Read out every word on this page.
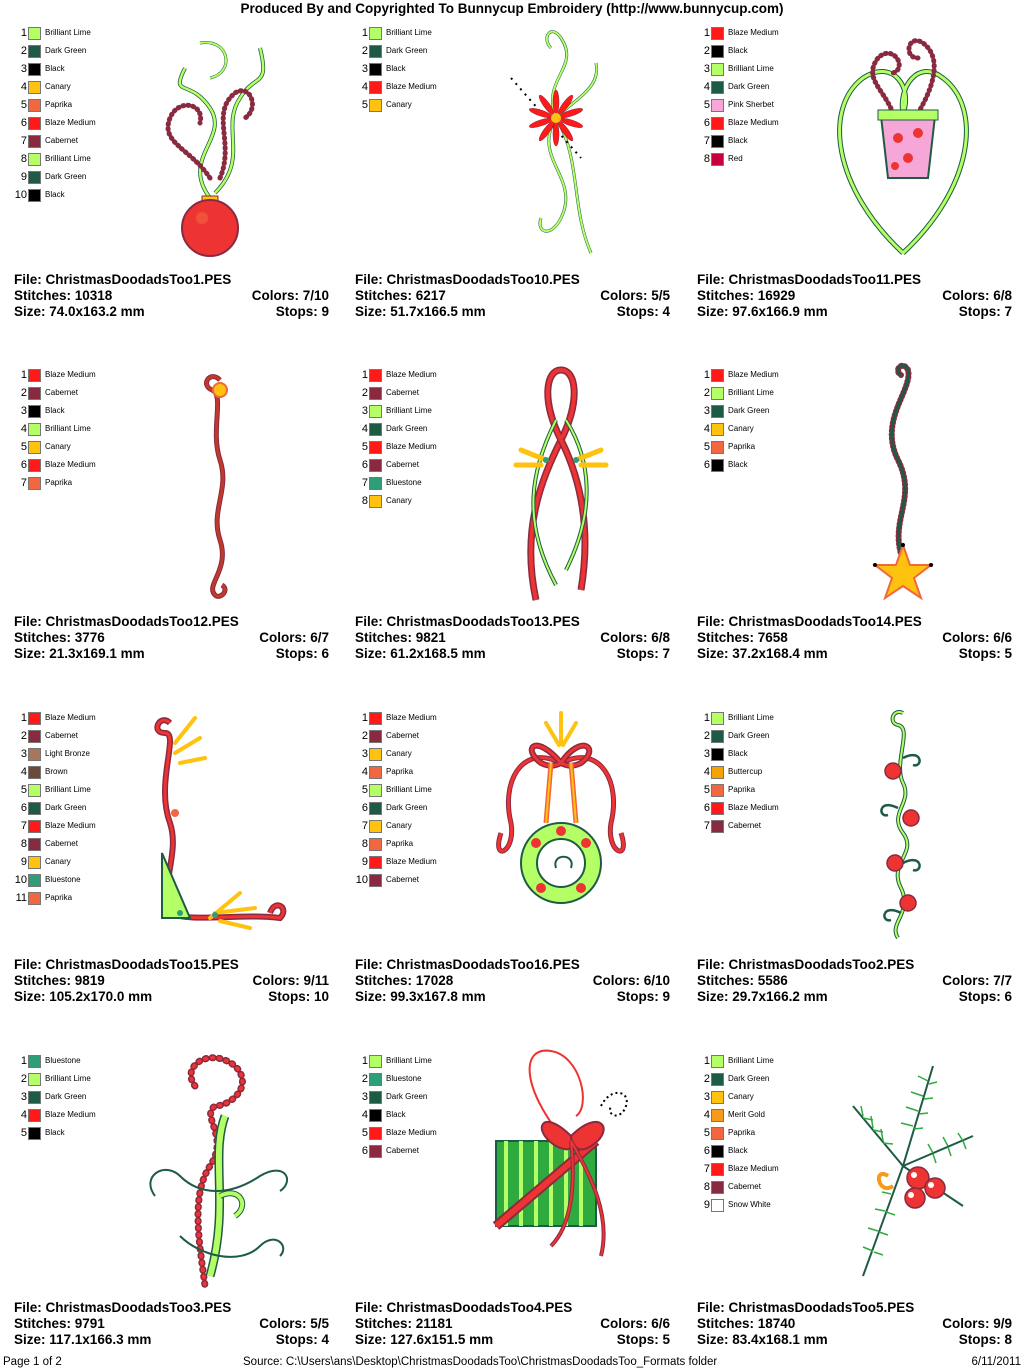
Produced By and Copyrighted To Bunnycup Embroidery (http://www.bunnycup.com)
1 Brilliant Lime
2 Dark Green
3 Black
4 Canary
5 Paprika
6 Blaze Medium
7 Cabernet
8 Brilliant Lime
9 Dark Green
10 Black
File: ChristmasDoodadsToo1.PES
Stitches: 10318	Colors: 7/10
Size: 74.0x163.2 mm	Stops: 9
1 Brilliant Lime
2 Dark Green
3 Black
4 Blaze Medium
5 Canary
File: ChristmasDoodadsToo10.PES
Stitches: 6217	Colors: 5/5
Size: 51.7x166.5 mm	Stops: 4
1 Blaze Medium
2 Black
3 Brilliant Lime
4 Dark Green
5 Pink Sherbet
6 Blaze Medium
7 Black
8 Red
File: ChristmasDoodadsToo11.PES
Stitches: 16929	Colors: 6/8
Size: 97.6x166.9 mm	Stops: 7
1 Blaze Medium
2 Cabernet
3 Black
4 Brilliant Lime
5 Canary
6 Blaze Medium
7 Paprika
File: ChristmasDoodadsToo12.PES
Stitches: 3776	Colors: 6/7
Size: 21.3x169.1 mm	Stops: 6
1 Blaze Medium
2 Cabernet
3 Brilliant Lime
4 Dark Green
5 Blaze Medium
6 Cabernet
7 Bluestone
8 Canary
File: ChristmasDoodadsToo13.PES
Stitches: 9821	Colors: 6/8
Size: 61.2x168.5 mm	Stops: 7
1 Blaze Medium
2 Brilliant Lime
3 Dark Green
4 Canary
5 Paprika
6 Black
File: ChristmasDoodadsToo14.PES
Stitches: 7658	Colors: 6/6
Size: 37.2x168.4 mm	Stops: 5
1 Blaze Medium
2 Cabernet
3 Light Bronze
4 Brown
5 Brilliant Lime
6 Dark Green
7 Blaze Medium
8 Cabernet
9 Canary
10 Bluestone
11 Paprika
File: ChristmasDoodadsToo15.PES
Stitches: 9819	Colors: 9/11
Size: 105.2x170.0 mm	Stops: 10
1 Blaze Medium
2 Cabernet
3 Canary
4 Paprika
5 Brilliant Lime
6 Dark Green
7 Canary
8 Paprika
9 Blaze Medium
10 Cabernet
File: ChristmasDoodadsToo16.PES
Stitches: 17028	Colors: 6/10
Size: 99.3x167.8 mm	Stops: 9
1 Brilliant Lime
2 Dark Green
3 Black
4 Buttercup
5 Paprika
6 Blaze Medium
7 Cabernet
File: ChristmasDoodadsToo2.PES
Stitches: 5586	Colors: 7/7
Size: 29.7x166.2 mm	Stops: 6
1 Bluestone
2 Brilliant Lime
3 Dark Green
4 Blaze Medium
5 Black
File: ChristmasDoodadsToo3.PES
Stitches: 9791	Colors: 5/5
Size: 117.1x166.3 mm	Stops: 4
1 Brilliant Lime
2 Bluestone
3 Dark Green
4 Black
5 Blaze Medium
6 Cabernet
File: ChristmasDoodadsToo4.PES
Stitches: 21181	Colors: 6/6
Size: 127.6x151.5 mm	Stops: 5
1 Brilliant Lime
2 Dark Green
3 Canary
4 Merit Gold
5 Paprika
6 Black
7 Blaze Medium
8 Cabernet
9 Snow White
File: ChristmasDoodadsToo5.PES
Stitches: 18740	Colors: 9/9
Size: 83.4x168.1 mm	Stops: 8
Page 1 of 2	Source: C:\Users\ans\Desktop\ChristmasDoodadsToo\ChristmasDoodadsToo_Formats folder	6/11/2011
